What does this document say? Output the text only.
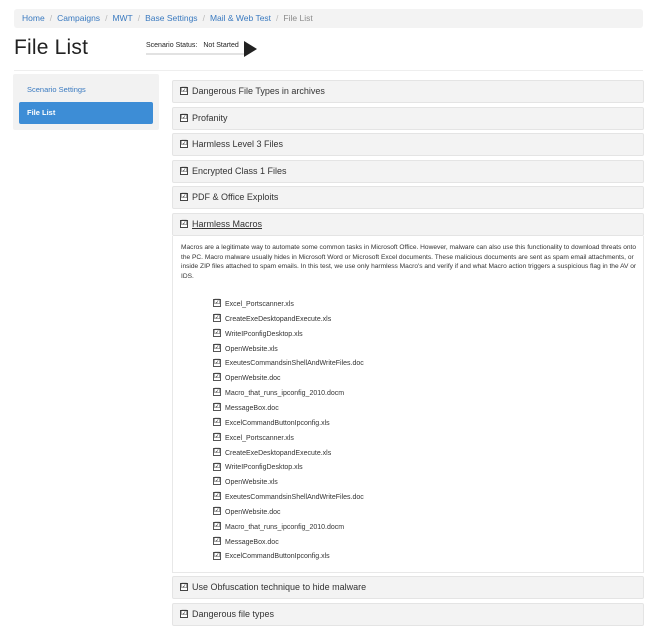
Home / Campaigns / MWT / Base Settings / Mail & Web Test / File List
File List	Scenario Status: Not Started
Scenario Settings
File List
☑ Dangerous File Types in archives
☑ Profanity
☑ Harmless Level 3 Files
☑ Encrypted Class 1 Files
☑ PDF & Office Exploits
☑ Harmless Macros
Macros are a legitimate way to automate some common tasks in Microsoft Office. However, malware can also use this functionality to download threats onto the PC. Macro malware usually hides in Microsoft Word or Microsoft Excel documents. These malicious documents are sent as spam email attachments, or inside ZIP files attached to spam emails. In this test, we use only harmless Macro's and verify if and what Macro action triggers a suspicious flag in the AV or IDS.
☑ Excel_Portscanner.xls
☑ CreateExeDesktopandExecute.xls
☑ WriteIPconfigDesktop.xls
☑ OpenWebsite.xls
☑ ExeutesCommandsinShellAndWriteFiles.doc
☑ OpenWebsite.doc
☑ Macro_that_runs_ipconfig_2010.docm
☑ MessageBox.doc
☑ ExcelCommandButtonIpconfig.xls
☑ Excel_Portscanner.xls
☑ CreateExeDesktopandExecute.xls
☑ WriteIPconfigDesktop.xls
☑ OpenWebsite.xls
☑ ExeutesCommandsinShellAndWriteFiles.doc
☑ OpenWebsite.doc
☑ Macro_that_runs_ipconfig_2010.docm
☑ MessageBox.doc
☑ ExcelCommandButtonIpconfig.xls
☑ Use Obfuscation technique to hide malware
☑ Dangerous file types
